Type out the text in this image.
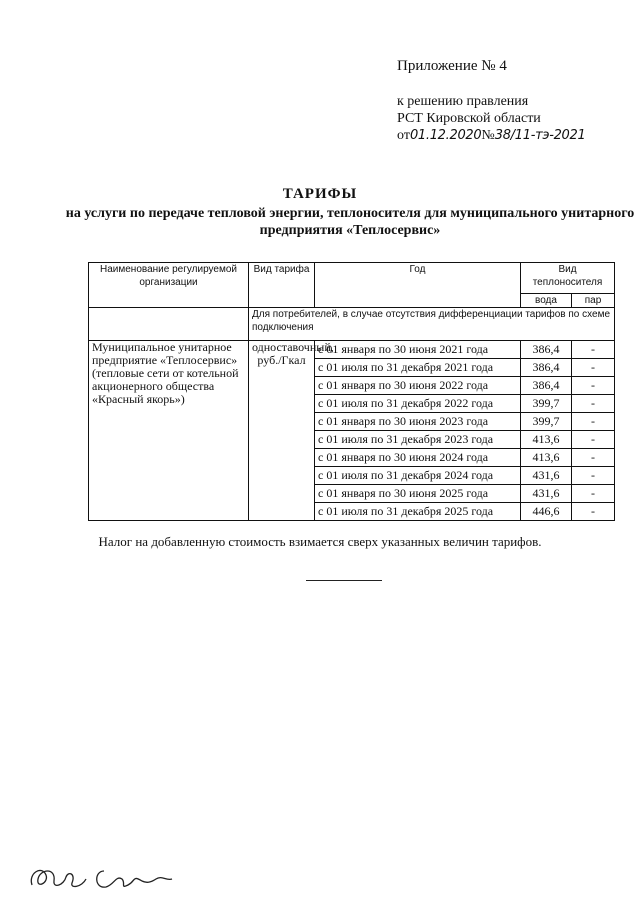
Приложение № 4
к решению правления
РСТ Кировской области
от 01.12.2020 № 38/11-тэ-2021
ТАРИФЫ
на услуги по передаче тепловой энергии, теплоносителя для муниципального унитарного предприятия «Теплосервис»
Наименование регулируемой организации	Вид тарифа	Год	Вид теплоносителя	
			вода	пар
	Для потребителей, в случае отсутствия дифференциации тарифов по схеме подключения			
Муниципальное унитарное предприятие «Теплосервис» (тепловые сети от котельной акционерного общества «Красный якорь»)	одноставочный, руб./Гкал	с 01 января по 30 июня 2021 года	386,4	-
		с 01 июля по 31 декабря 2021 года	386,4	-
		с 01 января по 30 июня 2022 года	386,4	-
		с 01 июля по 31 декабря 2022 года	399,7	-
		с 01 января по 30 июня 2023 года	399,7	-
		с 01 июля по 31 декабря 2023 года	413,6	-
		с 01 января по 30 июня 2024 года	413,6	-
		с 01 июля по 31 декабря 2024 года	431,6	-
		с 01 января по 30 июня 2025 года	431,6	-
		с 01 июля по 31 декабря 2025 года	446,6	-
Налог на добавленную стоимость взимается сверх указанных величин тарифов.
